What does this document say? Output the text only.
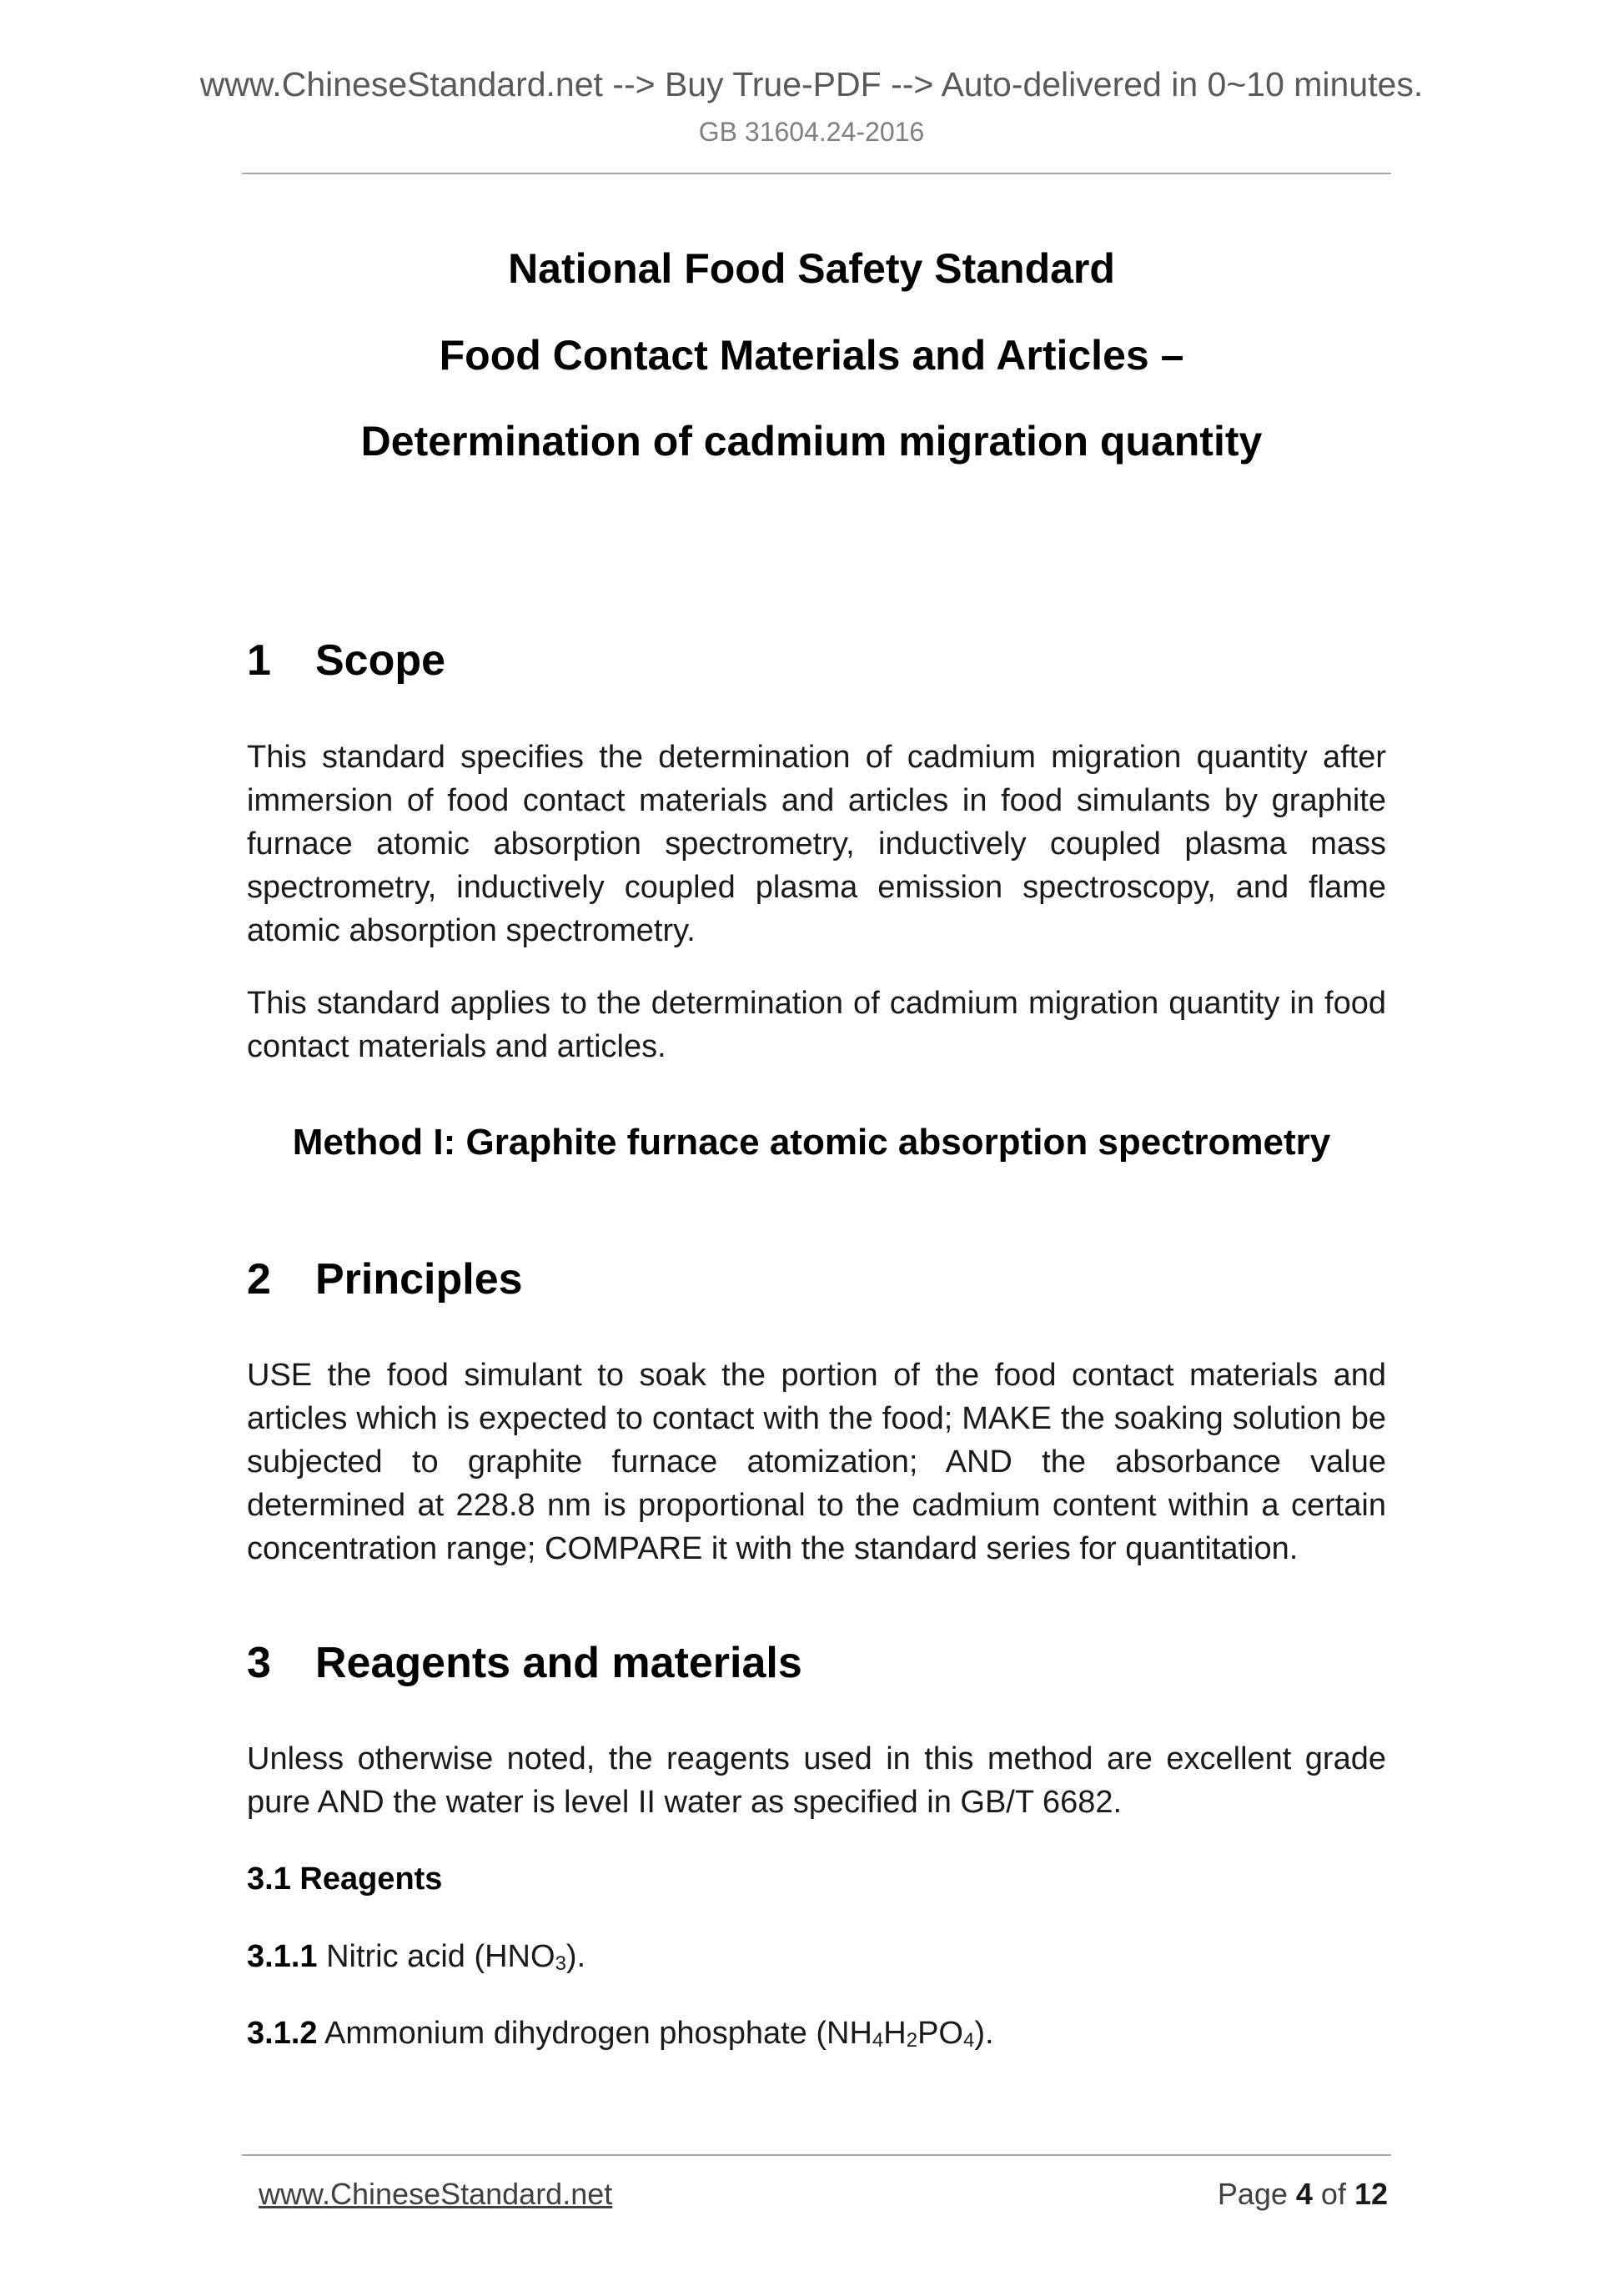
www.ChineseStandard.net --> Buy True-PDF --> Auto-delivered in 0~10 minutes.
GB 31604.24-2016
National Food Safety Standard
Food Contact Materials and Articles –
Determination of cadmium migration quantity
1 Scope
This standard specifies the determination of cadmium migration quantity after immersion of food contact materials and articles in food simulants by graphite furnace atomic absorption spectrometry, inductively coupled plasma mass spectrometry, inductively coupled plasma emission spectroscopy, and flame atomic absorption spectrometry.
This standard applies to the determination of cadmium migration quantity in food contact materials and articles.
Method I: Graphite furnace atomic absorption spectrometry
2 Principles
USE the food simulant to soak the portion of the food contact materials and articles which is expected to contact with the food; MAKE the soaking solution be subjected to graphite furnace atomization; AND the absorbance value determined at 228.8 nm is proportional to the cadmium content within a certain concentration range; COMPARE it with the standard series for quantitation.
3 Reagents and materials
Unless otherwise noted, the reagents used in this method are excellent grade pure AND the water is level II water as specified in GB/T 6682.
3.1 Reagents
3.1.1 Nitric acid $(HNO_3)$.
3.1.2 Ammonium dihydrogen phosphate $(NH_4H_2PO_4)$.
www.ChineseStandard.net	Page 4 of 12
